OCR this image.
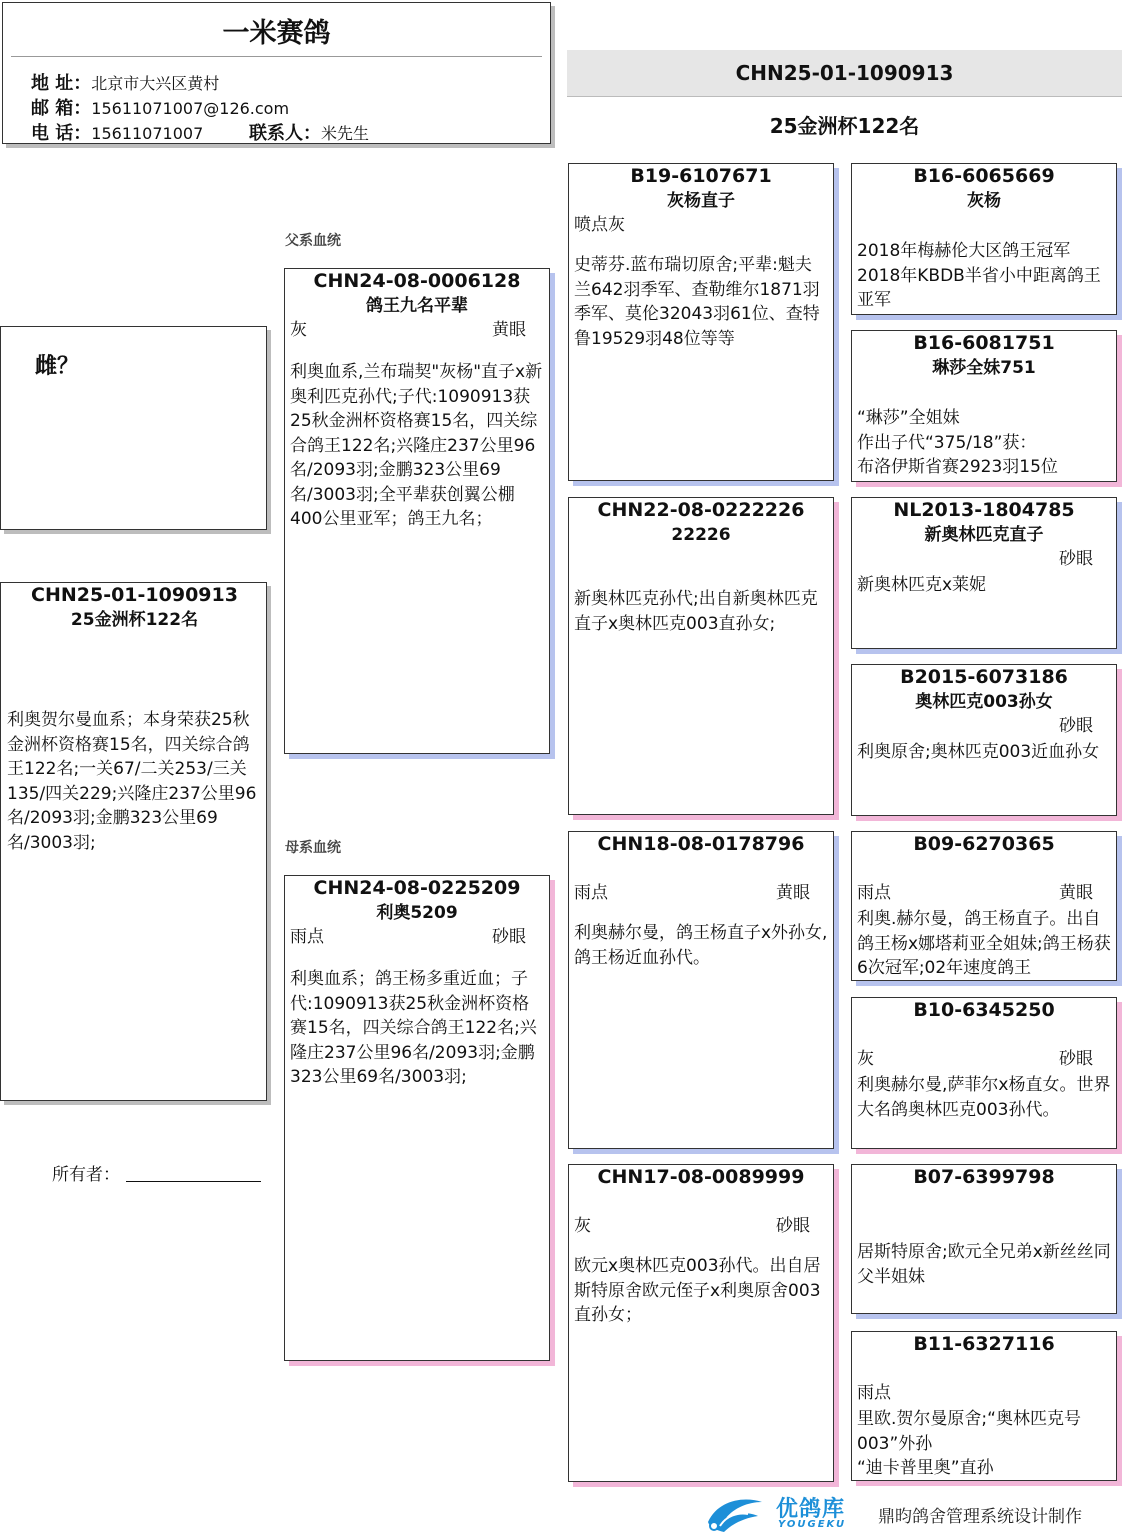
一米赛鸽
地 址：北京市大兴区黄村
邮 箱：15611071007@126.com
电 话：15611071007	联系人：米先生
CHN25-01-1090913
25金洲杯122名
雌？
CHN25-01-1090913
25金洲杯122名
利奥贺尔曼血系；本身荣获25秋金洲杯资格赛15名，四关综合鸽王122名;一关67/二关253/三关135/四关229;兴隆庄237公里96名/2093羽;金鹏323公里69名/3003羽;
所有者：
父系血统
母系血统
CHN24-08-0006128
鸽王九名平辈
灰	黄眼
利奥血系,兰布瑞契"灰杨"直子x新奥利匹克孙代;子代:1090913获25秋金洲杯资格赛15名，四关综合鸽王122名;兴隆庄237公里96名/2093羽;金鹏323公里69名/3003羽;全平辈获创翼公棚400公里亚军；鸽王九名；
CHN24-08-0225209
利奥5209
雨点	砂眼
利奥血系；鸽王杨多重近血；子代:1090913获25秋金洲杯资格赛15名，四关综合鸽王122名;兴隆庄237公里96名/2093羽;金鹏323公里69名/3003羽;
B19-6107671
灰杨直子
喷点灰
史蒂芬.蓝布瑞切原舍;平辈:魁夫兰642羽季军、查勒维尔1871羽季军、莫伦32043羽61位、查特鲁19529羽48位等等
CHN22-08-0222226
22226
新奥林匹克孙代;出自新奥林匹克直子x奥林匹克003直孙女;
CHN18-08-0178796
雨点	黄眼
利奥赫尔曼，鸽王杨直子x外孙女,鸽王杨近血孙代。
CHN17-08-0089999
灰	砂眼
欧元x奥林匹克003孙代。出自居斯特原舍欧元侄子x利奥原舍003直孙女；
B16-6065669
灰杨
2018年梅赫伦大区鸽王冠军
2018年KBDB半省小中距离鸽王亚军
B16-6081751
琳莎全妹751
“琳莎”全姐妹
作出子代“375/18”获：
布洛伊斯省赛2923羽15位
NL2013-1804785
新奥林匹克直子
砂眼
新奥林匹克x莱妮
B2015-6073186
奥林匹克003孙女
砂眼
利奥原舍;奥林匹克003近血孙女
B09-6270365
雨点	黄眼
利奥.赫尔曼，鸽王杨直子。出自鸽王杨x娜塔莉亚全姐妹;鸽王杨获6次冠军;02年速度鸽王
B10-6345250
灰	砂眼
利奥赫尔曼,萨菲尔x杨直女。世界大名鸽奥林匹克003孙代。
B07-6399798
居斯特原舍;欧元全兄弟x新丝丝同父半姐妹
B11-6327116
雨点
里欧.贺尔曼原舍;“奥林匹克号003”外孙
“迪卡普里奥”直孙
优鸽库
YOUGEKU 鼎昀鸽舍管理系统设计制作
